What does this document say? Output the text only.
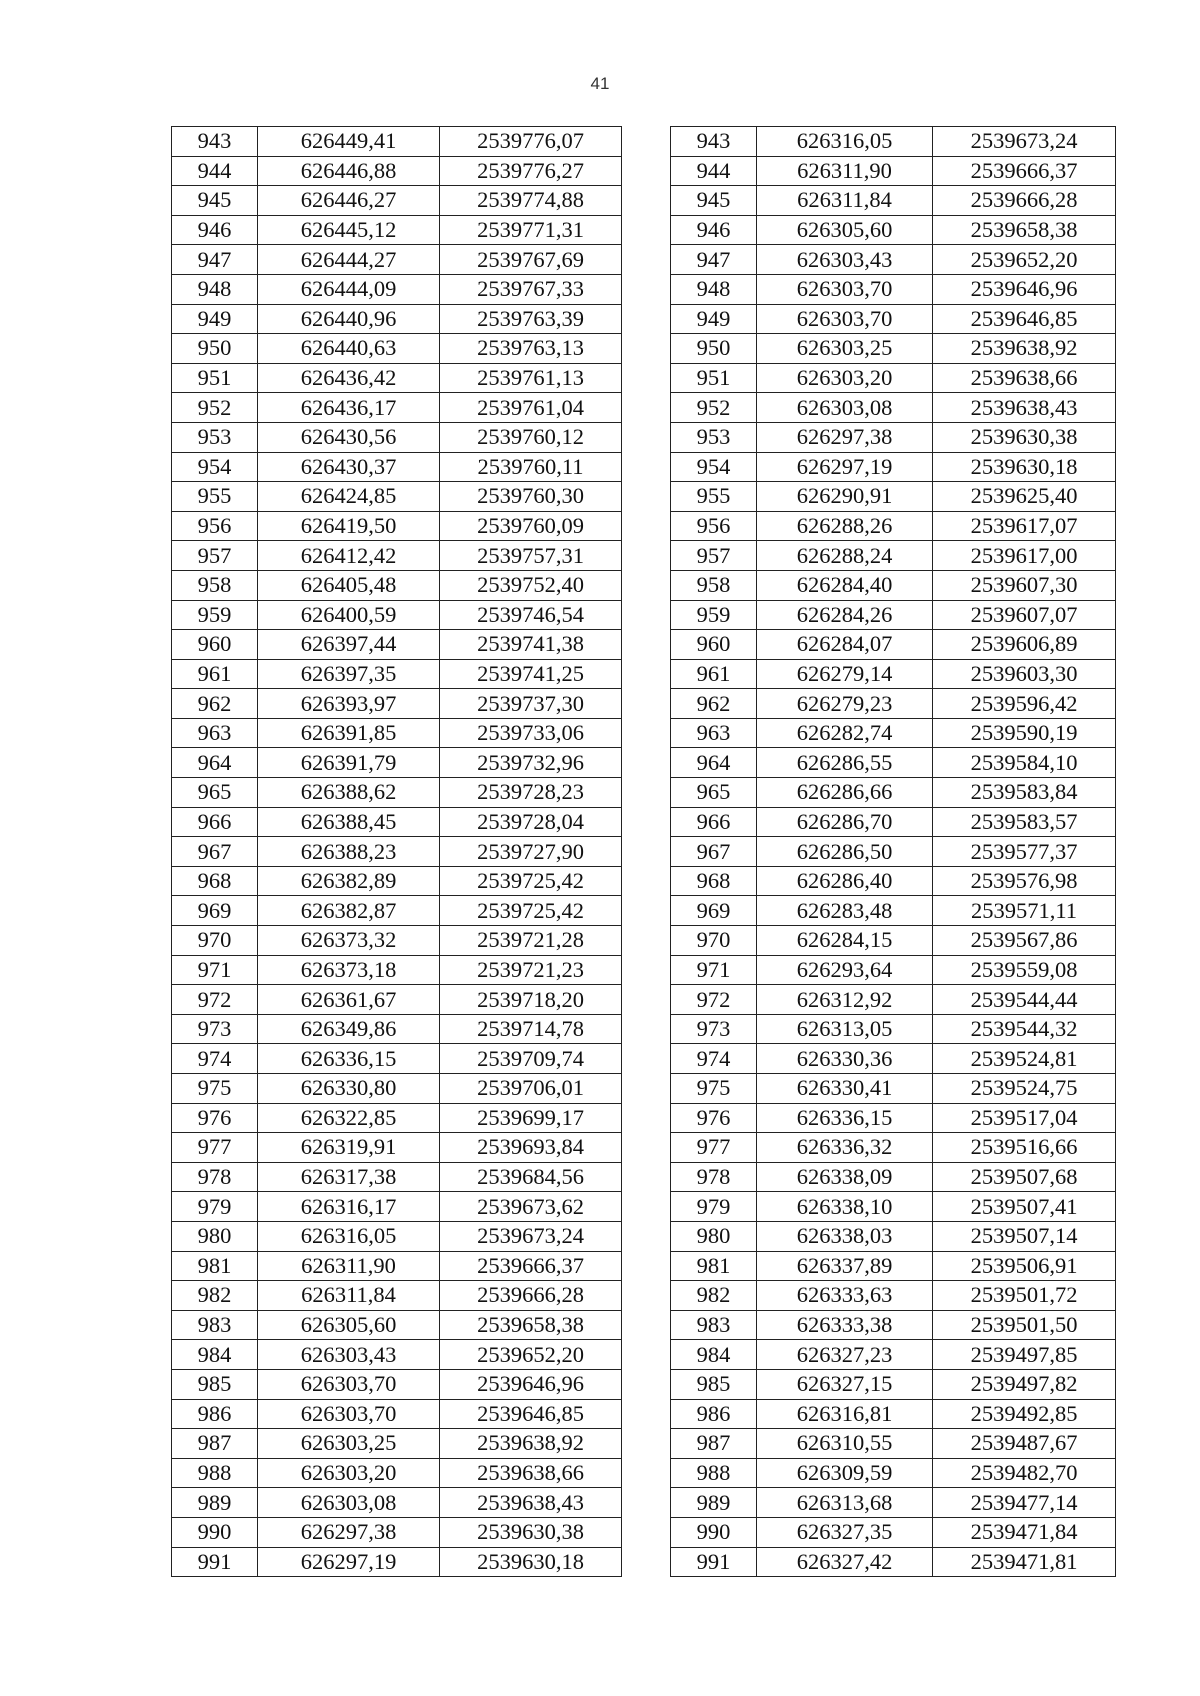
41
943	626449,41	2539776,07		943	626316,05	2539673,24
944	626446,88	2539776,27		944	626311,90	2539666,37
945	626446,27	2539774,88		945	626311,84	2539666,28
946	626445,12	2539771,31		946	626305,60	2539658,38
947	626444,27	2539767,69		947	626303,43	2539652,20
948	626444,09	2539767,33		948	626303,70	2539646,96
949	626440,96	2539763,39		949	626303,70	2539646,85
950	626440,63	2539763,13		950	626303,25	2539638,92
951	626436,42	2539761,13		951	626303,20	2539638,66
952	626436,17	2539761,04		952	626303,08	2539638,43
953	626430,56	2539760,12		953	626297,38	2539630,38
954	626430,37	2539760,11		954	626297,19	2539630,18
955	626424,85	2539760,30		955	626290,91	2539625,40
956	626419,50	2539760,09		956	626288,26	2539617,07
957	626412,42	2539757,31		957	626288,24	2539617,00
958	626405,48	2539752,40		958	626284,40	2539607,30
959	626400,59	2539746,54		959	626284,26	2539607,07
960	626397,44	2539741,38		960	626284,07	2539606,89
961	626397,35	2539741,25		961	626279,14	2539603,30
962	626393,97	2539737,30		962	626279,23	2539596,42
963	626391,85	2539733,06		963	626282,74	2539590,19
964	626391,79	2539732,96		964	626286,55	2539584,10
965	626388,62	2539728,23		965	626286,66	2539583,84
966	626388,45	2539728,04		966	626286,70	2539583,57
967	626388,23	2539727,90		967	626286,50	2539577,37
968	626382,89	2539725,42		968	626286,40	2539576,98
969	626382,87	2539725,42		969	626283,48	2539571,11
970	626373,32	2539721,28		970	626284,15	2539567,86
971	626373,18	2539721,23		971	626293,64	2539559,08
972	626361,67	2539718,20		972	626312,92	2539544,44
973	626349,86	2539714,78		973	626313,05	2539544,32
974	626336,15	2539709,74		974	626330,36	2539524,81
975	626330,80	2539706,01		975	626330,41	2539524,75
976	626322,85	2539699,17		976	626336,15	2539517,04
977	626319,91	2539693,84		977	626336,32	2539516,66
978	626317,38	2539684,56		978	626338,09	2539507,68
979	626316,17	2539673,62		979	626338,10	2539507,41
980	626316,05	2539673,24		980	626338,03	2539507,14
981	626311,90	2539666,37		981	626337,89	2539506,91
982	626311,84	2539666,28		982	626333,63	2539501,72
983	626305,60	2539658,38		983	626333,38	2539501,50
984	626303,43	2539652,20		984	626327,23	2539497,85
985	626303,70	2539646,96		985	626327,15	2539497,82
986	626303,70	2539646,85		986	626316,81	2539492,85
987	626303,25	2539638,92		987	626310,55	2539487,67
988	626303,20	2539638,66		988	626309,59	2539482,70
989	626303,08	2539638,43		989	626313,68	2539477,14
990	626297,38	2539630,38		990	626327,35	2539471,84
991	626297,19	2539630,18		991	626327,42	2539471,81
